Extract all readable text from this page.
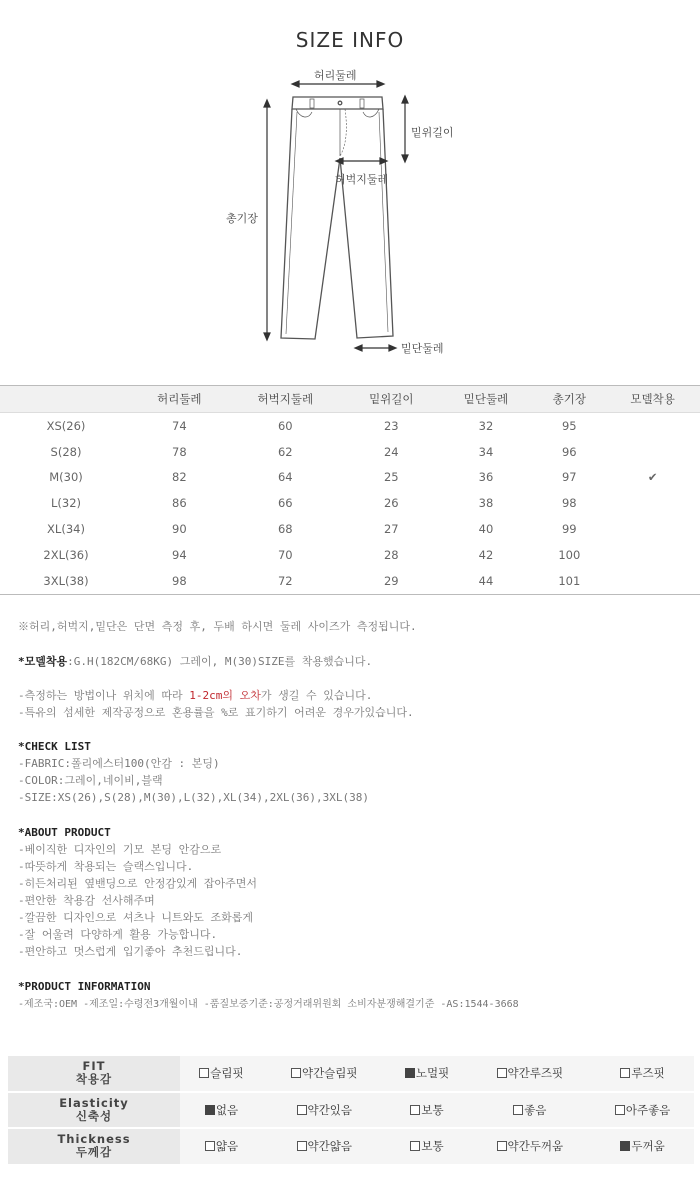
SIZE INFO
허리둘레
밑위길이
허벅지둘레
총기장
밑단둘레
	허리둘레	허벅지둘레	밑위길이	밑단둘레	총기장	모델착용
XS(26)	74	60	23	32	95	
S(28)	78	62	24	34	96	
M(30)	82	64	25	36	97	✔
L(32)	86	66	26	38	98	
XL(34)	90	68	27	40	99	
2XL(36)	94	70	28	42	100	
3XL(38)	98	72	29	44	101	
※허리,허벅지,밑단은 단면 측정 후, 두배 하시면 둘레 사이즈가 측정됩니다.
*모델착용:G.H(182CM/68KG) 그레이, M(30)SIZE를 착용했습니다.
-측정하는 방법이나 위치에 따라 1-2cm의 오차가 생길 수 있습니다.
-특유의 섬세한 제작공정으로 혼용률을 %로 표기하기 어려운 경우가있습니다.
*CHECK LIST
-FABRIC:폴리에스터100(안감 : 본딩)
-COLOR:그레이,네이비,블랙
-SIZE:XS(26),S(28),M(30),L(32),XL(34),2XL(36),3XL(38)
*ABOUT PRODUCT
-베이직한 디자인의 기모 본딩 안감으로
-따뜻하게 착용되는 슬랙스입니다.
-히든처리된 옆밴딩으로 안정감있게 잡아주면서
-편안한 착용감 선사해주며
-깔끔한 디자인으로 셔츠나 니트와도 조화롭게
-잘 어울려 다양하게 활용 가능합니다.
-편안하고 멋스럽게 입기좋아 추천드립니다.
*PRODUCT INFORMATION
-제조국:OEM -제조일:수령전3개월이내 -품질보증기준:공정거래위원회 소비자분쟁해결기준 -AS:1544-3668
FIT
착용감	슬림핏	약간슬림핏	노멀핏	약간루즈핏	루즈핏

Elasticity
신축성	없음	약간있음	보통	좋음	아주좋음

Thickness
두께감	얇음	약간얇음	보통	약간두꺼움	두꺼움
